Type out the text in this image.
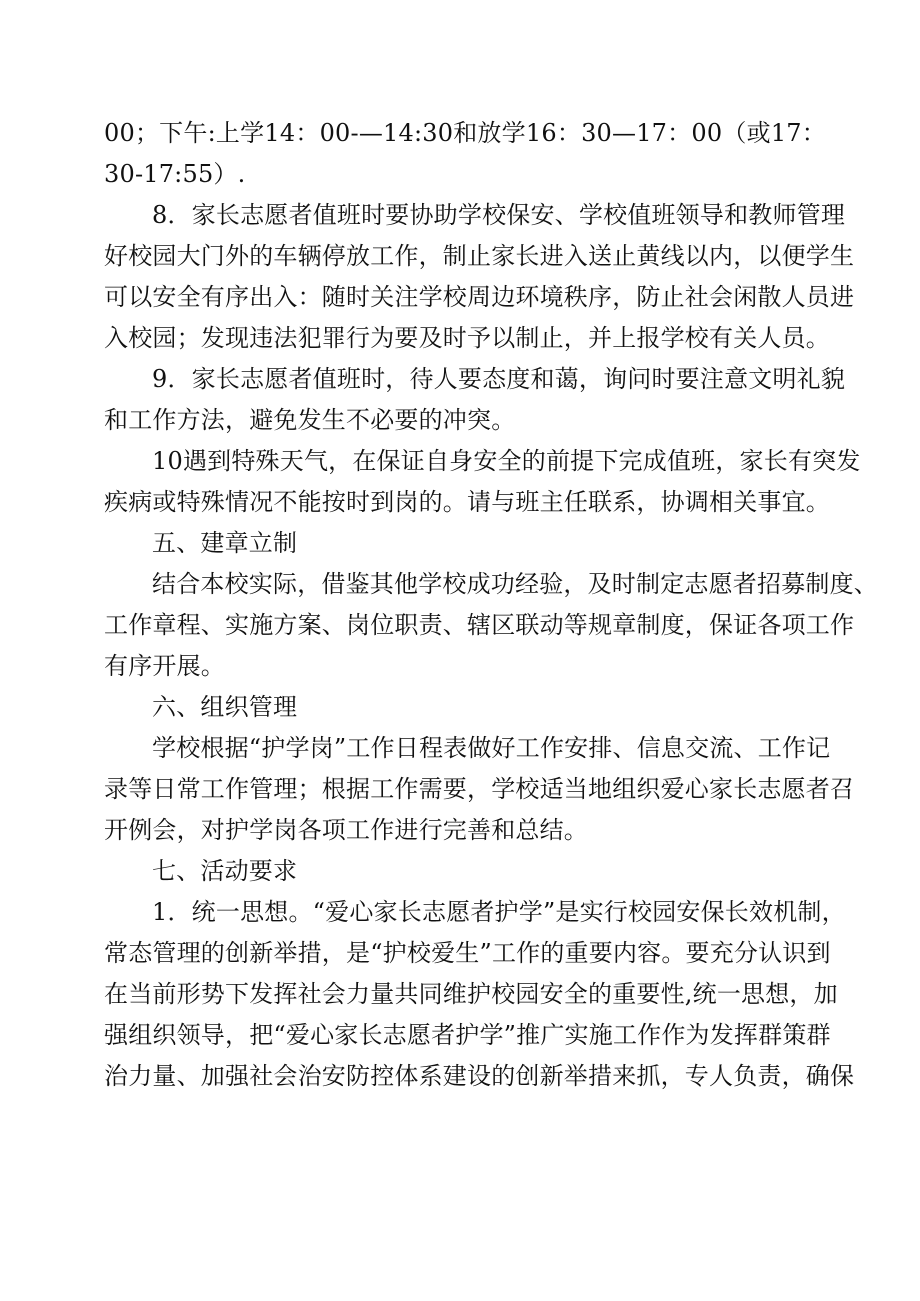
00；下午:上学14：00-—14:30和放学16：30—17：00（或17：
30-17:55）.
8．家长志愿者值班时要协助学校保安、学校值班领导和教师管理
好校园大门外的车辆停放工作，制止家长进入送止黄线以内，以便学生
可以安全有序出入：随时关注学校周边环境秩序，防止社会闲散人员进
入校园；发现违法犯罪行为要及时予以制止，并上报学校有关人员。
9．家长志愿者值班时，待人要态度和蔼，询问时要注意文明礼貌
和工作方法，避免发生不必要的冲突。
10遇到特殊天气，在保证自身安全的前提下完成值班，家长有突发
疾病或特殊情况不能按时到岗的。请与班主任联系，协调相关事宜。
五、建章立制
结合本校实际，借鉴其他学校成功经验，及时制定志愿者招募制度、
工作章程、实施方案、岗位职责、辖区联动等规章制度，保证各项工作
有序开展。
六、组织管理
学校根据“护学岗”工作日程表做好工作安排、信息交流、工作记
录等日常工作管理；根据工作需要，学校适当地组织爱心家长志愿者召
开例会，对护学岗各项工作进行完善和总结。
七、活动要求
1．统一思想。“爱心家长志愿者护学”是实行校园安保长效机制，
常态管理的创新举措，是“护校爱生”工作的重要内容。要充分认识到
在当前形势下发挥社会力量共同维护校园安全的重要性,统一思想，加
强组织领导，把“爱心家长志愿者护学”推广实施工作作为发挥群策群
治力量、加强社会治安防控体系建设的创新举措来抓，专人负责，确保
